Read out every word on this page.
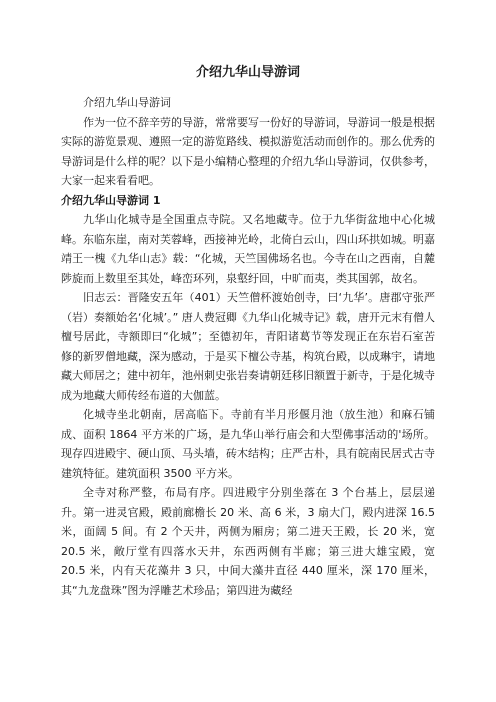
介绍九华山导游词

介绍九华山导游词

作为一位不辞辛劳的导游，常常要写一份好的导游词，导游词一般是根据实际的游览景观、遵照一定的游览路线、模拟游览活动而创作的。那么优秀的导游词是什么样的呢？以下是小编精心整理的介绍九华山导游词，仅供参考，大家一起来看看吧。

介绍九华山导游词 1

九华山化城寺是全国重点寺院。又名地藏寺。位于九华街盆地中心化城峰。东临东崖，南对芙蓉峰，西接神光岭，北倚白云山，四山环拱如城。明嘉靖王一槐《九华山志》载：“化城，天竺国佛场名也。今寺在山之西南，自麓陟旋而上数里至其处，峰峦环列，泉壑纡回，中旷而夷，类其国郭，故名。

旧志云：晋隆安五年（401）天竺僧杯渡始创寺，曰‘九华’。唐郡守张严（岩）奏额始名‘化城’。” 唐人费冠卿《九华山化城寺记》载，唐开元末有僧人檀号居此，寺额即曰“化城”；至德初年，青阳诸葛节等发现正在东岩石室苦修的新罗僧地藏，深为感动，于是买下檀公寺基，构筑台殿，以成琳宇，请地藏大师居之；建中初年，池州刺史张岩奏请朝廷移旧额置于新寺，于是化城寺成为地藏大师传经布道的大伽蓝。

化城寺坐北朝南，居高临下。寺前有半月形偃月池（放生池）和麻石铺成、面积 1864 平方米的广场，是九华山举行庙会和大型佛事活动的'场所。现存四进殿宇、硬山顶、马头墙，砖木结构；庄严古朴，具有皖南民居式古寺建筑特征。建筑面积 3500 平方米。

全寺对称严整，布局有序。四进殿宇分别坐落在 3 个台基上，层层递升。第一进灵官殿，殿前廊檐长 20 米、高 6 米，3 扇大门，殿内进深 16.5 米，面阔 5 间。有 2 个天井，两侧为厢房；第二进天王殿，长 20 米，宽 20.5 米，敞厅堂有四落水天井，东西两侧有半廊；第三进大雄宝殿，宽 20.5 米，内有天花藻井 3 只，中间大藻井直径 440 厘米，深 170 厘米，其“九龙盘珠”图为浮雕艺术珍品；第四进为藏经
